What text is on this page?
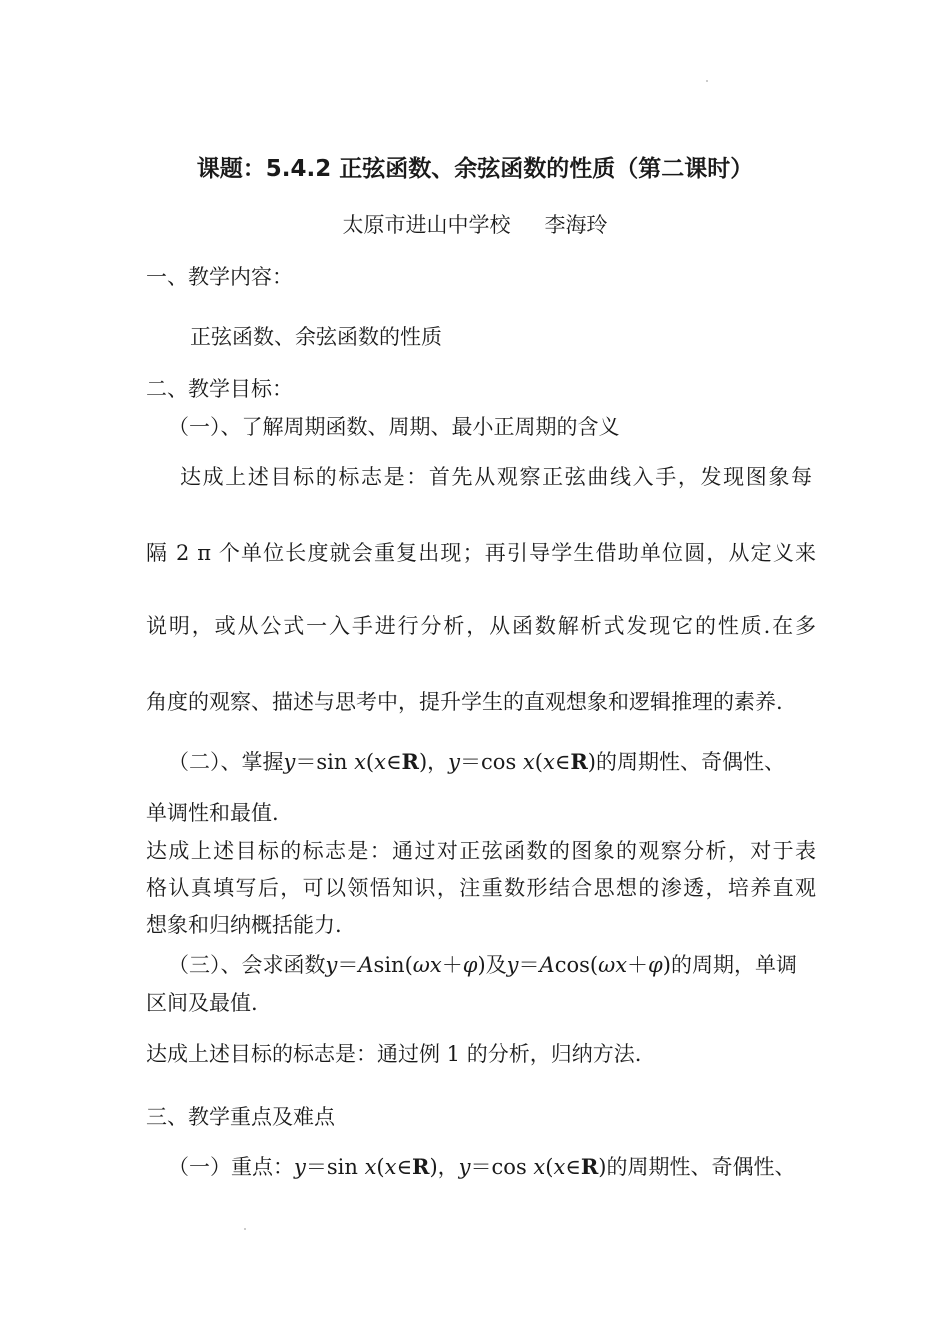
课题：5.4.2 正弦函数、余弦函数的性质（第二课时）
太原市进山中学校 李海玲
一、教学内容：
正弦函数、余弦函数的性质
二、教学目标：
（一）、了解周期函数、周期、最小正周期的含义
达成上述目标的标志是：首先从观察正弦曲线入手，发现图象每
隔 2 π 个单位长度就会重复出现；再引导学生借助单位圆，从定义来
说明，或从公式一入手进行分析，从函数解析式发现它的性质.在多
角度的观察、描述与思考中，提升学生的直观想象和逻辑推理的素养.
（二）、掌握y＝sin x(x∈R)，y＝cos x(x∈R)的周期性、奇偶性、
单调性和最值.
达成上述目标的标志是：通过对正弦函数的图象的观察分析，对于表
格认真填写后，可以领悟知识，注重数形结合思想的渗透，培养直观
想象和归纳概括能力.
（三）、会求函数y＝Asin(ωx＋φ)及y＝Acos(ωx＋φ)的周期，单调
区间及最值.
达成上述目标的标志是：通过例 1 的分析，归纳方法.
三、教学重点及难点
（一）重点：y＝sin x(x∈R)，y＝cos x(x∈R)的周期性、奇偶性、
